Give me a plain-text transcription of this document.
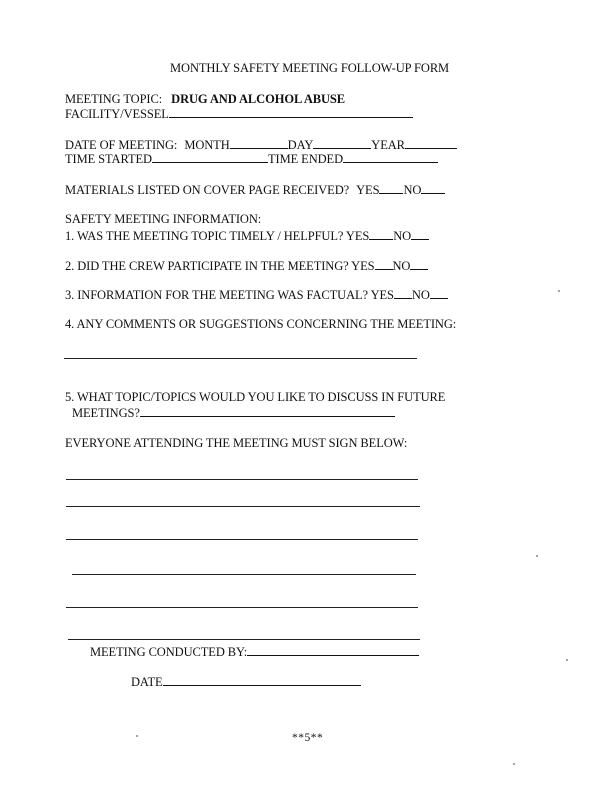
MONTHLY SAFETY MEETING FOLLOW-UP FORM
MEETING TOPIC: DRUG AND ALCOHOL ABUSE
FACILITY/VESSEL
DATE OF MEETING: MONTH	DAY	YEAR
TIME STARTED	TIME ENDED
MATERIALS LISTED ON COVER PAGE RECEIVED? YES NO
SAFETY MEETING INFORMATION:
1. WAS THE MEETING TOPIC TIMELY / HELPFUL? YES NO
2. DID THE CREW PARTICIPATE IN THE MEETING? YES NO
3. INFORMATION FOR THE MEETING WAS FACTUAL? YES NO
4. ANY COMMENTS OR SUGGESTIONS CONCERNING THE MEETING:
5. WHAT TOPIC/TOPICS WOULD YOU LIKE TO DISCUSS IN FUTURE
MEETINGS?
EVERYONE ATTENDING THE MEETING MUST SIGN BELOW:
MEETING CONDUCTED BY:
DATE
**5**
